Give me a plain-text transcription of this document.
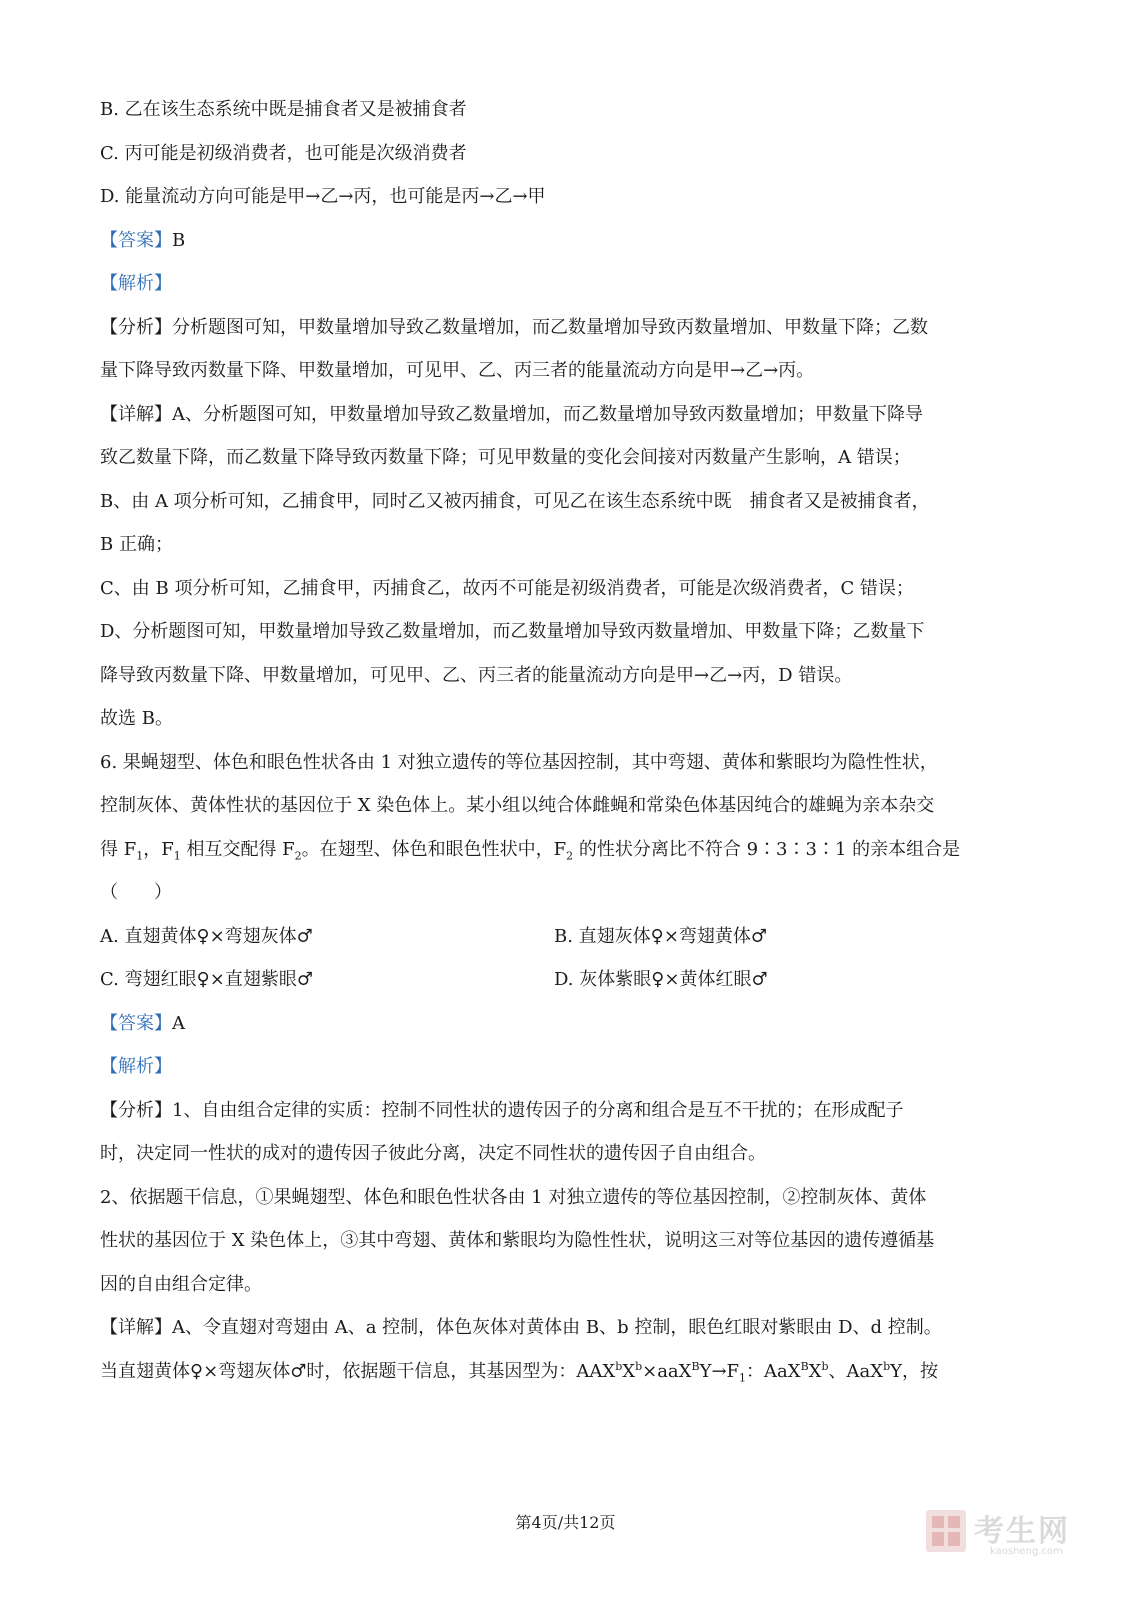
B. 乙在该生态系统中既是捕食者又是被捕食者
C. 丙可能是初级消费者，也可能是次级消费者
D. 能量流动方向可能是甲→乙→丙，也可能是丙→乙→甲
【答案】B
【解析】
【分析】分析题图可知，甲数量增加导致乙数量增加，而乙数量增加导致丙数量增加、甲数量下降；乙数
量下降导致丙数量下降、甲数量增加，可见甲、乙、丙三者的能量流动方向是甲→乙→丙。
【详解】A、分析题图可知，甲数量增加导致乙数量增加，而乙数量增加导致丙数量增加；甲数量下降导
致乙数量下降，而乙数量下降导致丙数量下降；可见甲数量的变化会间接对丙数量产生影响，A 错误；
B、由 A 项分析可知，乙捕食甲，同时乙又被丙捕食，可见乙在该生态系统中既　捕食者又是被捕食者，
B 正确；
C、由 B 项分析可知，乙捕食甲，丙捕食乙，故丙不可能是初级消费者，可能是次级消费者，C 错误；
D、分析题图可知，甲数量增加导致乙数量增加，而乙数量增加导致丙数量增加、甲数量下降；乙数量下
降导致丙数量下降、甲数量增加，可见甲、乙、丙三者的能量流动方向是甲→乙→丙，D 错误。
故选 B。
6. 果蝇翅型、体色和眼色性状各由 1 对独立遗传的等位基因控制，其中弯翅、黄体和紫眼均为隐性性状，
控制灰体、黄体性状的基因位于 X 染色体上。某小组以纯合体雌蝇和常染色体基因纯合的雄蝇为亲本杂交
得 $F_1$，$F_1$ 相互交配得 $F_2$。在翅型、体色和眼色性状中，$F_2$ 的性状分离比不符合 9∶3∶3∶1 的亲本组合是
（　　）
A. 直翅黄体♀×弯翅灰体♂	B. 直翅灰体♀×弯翅黄体♂
C. 弯翅红眼♀×直翅紫眼♂	D. 灰体紫眼♀×黄体红眼♂
【答案】A
【解析】
【分析】1、自由组合定律的实质：控制不同性状的遗传因子的分离和组合是互不干扰的；在形成配子
时，决定同一性状的成对的遗传因子彼此分离，决定不同性状的遗传因子自由组合。
2、依据题干信息，①果蝇翅型、体色和眼色性状各由 1 对独立遗传的等位基因控制，②控制灰体、黄体
性状的基因位于 X 染色体上，③其中弯翅、黄体和紫眼均为隐性性状，说明这三对等位基因的遗传遵循基
因的自由组合定律。
【详解】A、令直翅对弯翅由 A、a 控制，体色灰体对黄体由 B、b 控制，眼色红眼对紫眼由 D、d 控制。
当直翅黄体♀×弯翅灰体♂时，依据题干信息，其基因型为：$AAX^bX^b\times aaX^BY\to F_1$：$AaX^BX^b$、AaX$^b$Y，按
第4页/共12页	考生网
kaosheng.com
